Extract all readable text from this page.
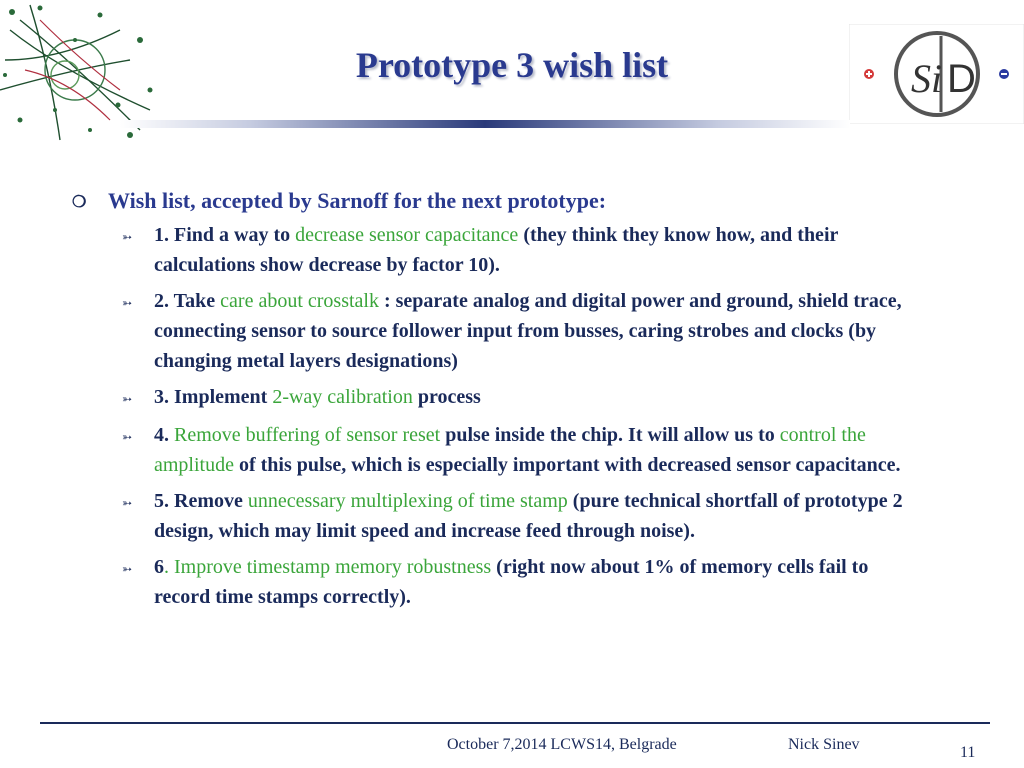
Si D
Prototype 3 wish list
❍ Wish list, accepted by Sarnoff for the next prototype:
➳	1. Find a way to decrease sensor capacitance (they think they know how, and their calculations show decrease by factor 10).
➳	2. Take care about crosstalk : separate analog and digital power and ground, shield trace, connecting sensor to source follower input from busses, caring strobes and clocks (by changing metal layers designations)
➳	3. Implement 2-way calibration process
➳	4. Remove buffering of sensor reset pulse inside the chip. It will allow us to control the amplitude of this pulse, which is especially important with decreased sensor capacitance.
➳	5. Remove unnecessary multiplexing of time stamp (pure technical shortfall of prototype 2 design, which may limit speed and increase feed through noise).
➳	6. Improve timestamp memory robustness (right now about 1% of memory cells fail to record time stamps correctly).
October 7,2014 LCWS14, Belgrade	Nick Sinev	11
